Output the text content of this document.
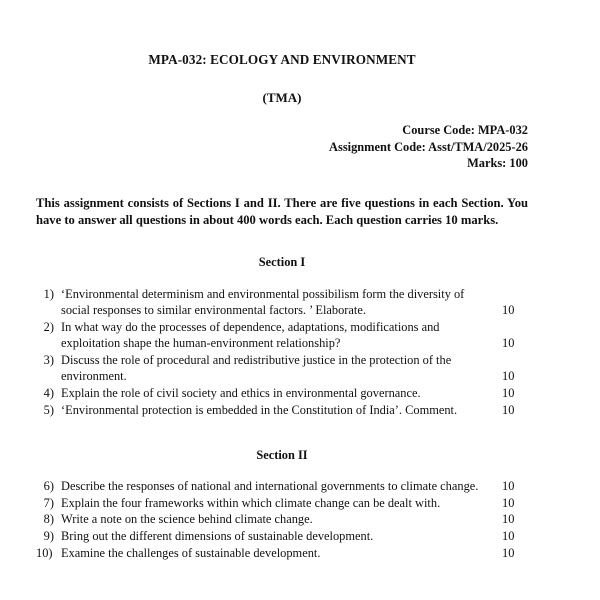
MPA-032: ECOLOGY AND ENVIRONMENT
(TMA)
Course Code: MPA-032
Assignment Code: Asst/TMA/2025-26
Marks: 100
This assignment consists of Sections I and II. There are five questions in each Section. You have to answer all questions in about 400 words each. Each question carries 10 marks.
Section I
1) ‘Environmental determinism and environmental possibilism form the diversity of social responses to similar environmental factors. ’ Elaborate.	10
2) In what way do the processes of dependence, adaptations, modifications and exploitation shape the human-environment relationship?	10
3) Discuss the role of procedural and redistributive justice in the protection of the environment.	10
4) Explain the role of civil society and ethics in environmental governance.	10
5) ‘Environmental protection is embedded in the Constitution of India’. Comment.	10
Section II
6) Describe the responses of national and international governments to climate change.	10
7) Explain the four frameworks within which climate change can be dealt with.	10
8) Write a note on the science behind climate change.	10
9) Bring out the different dimensions of sustainable development.	10
10) Examine the challenges of sustainable development.	10
